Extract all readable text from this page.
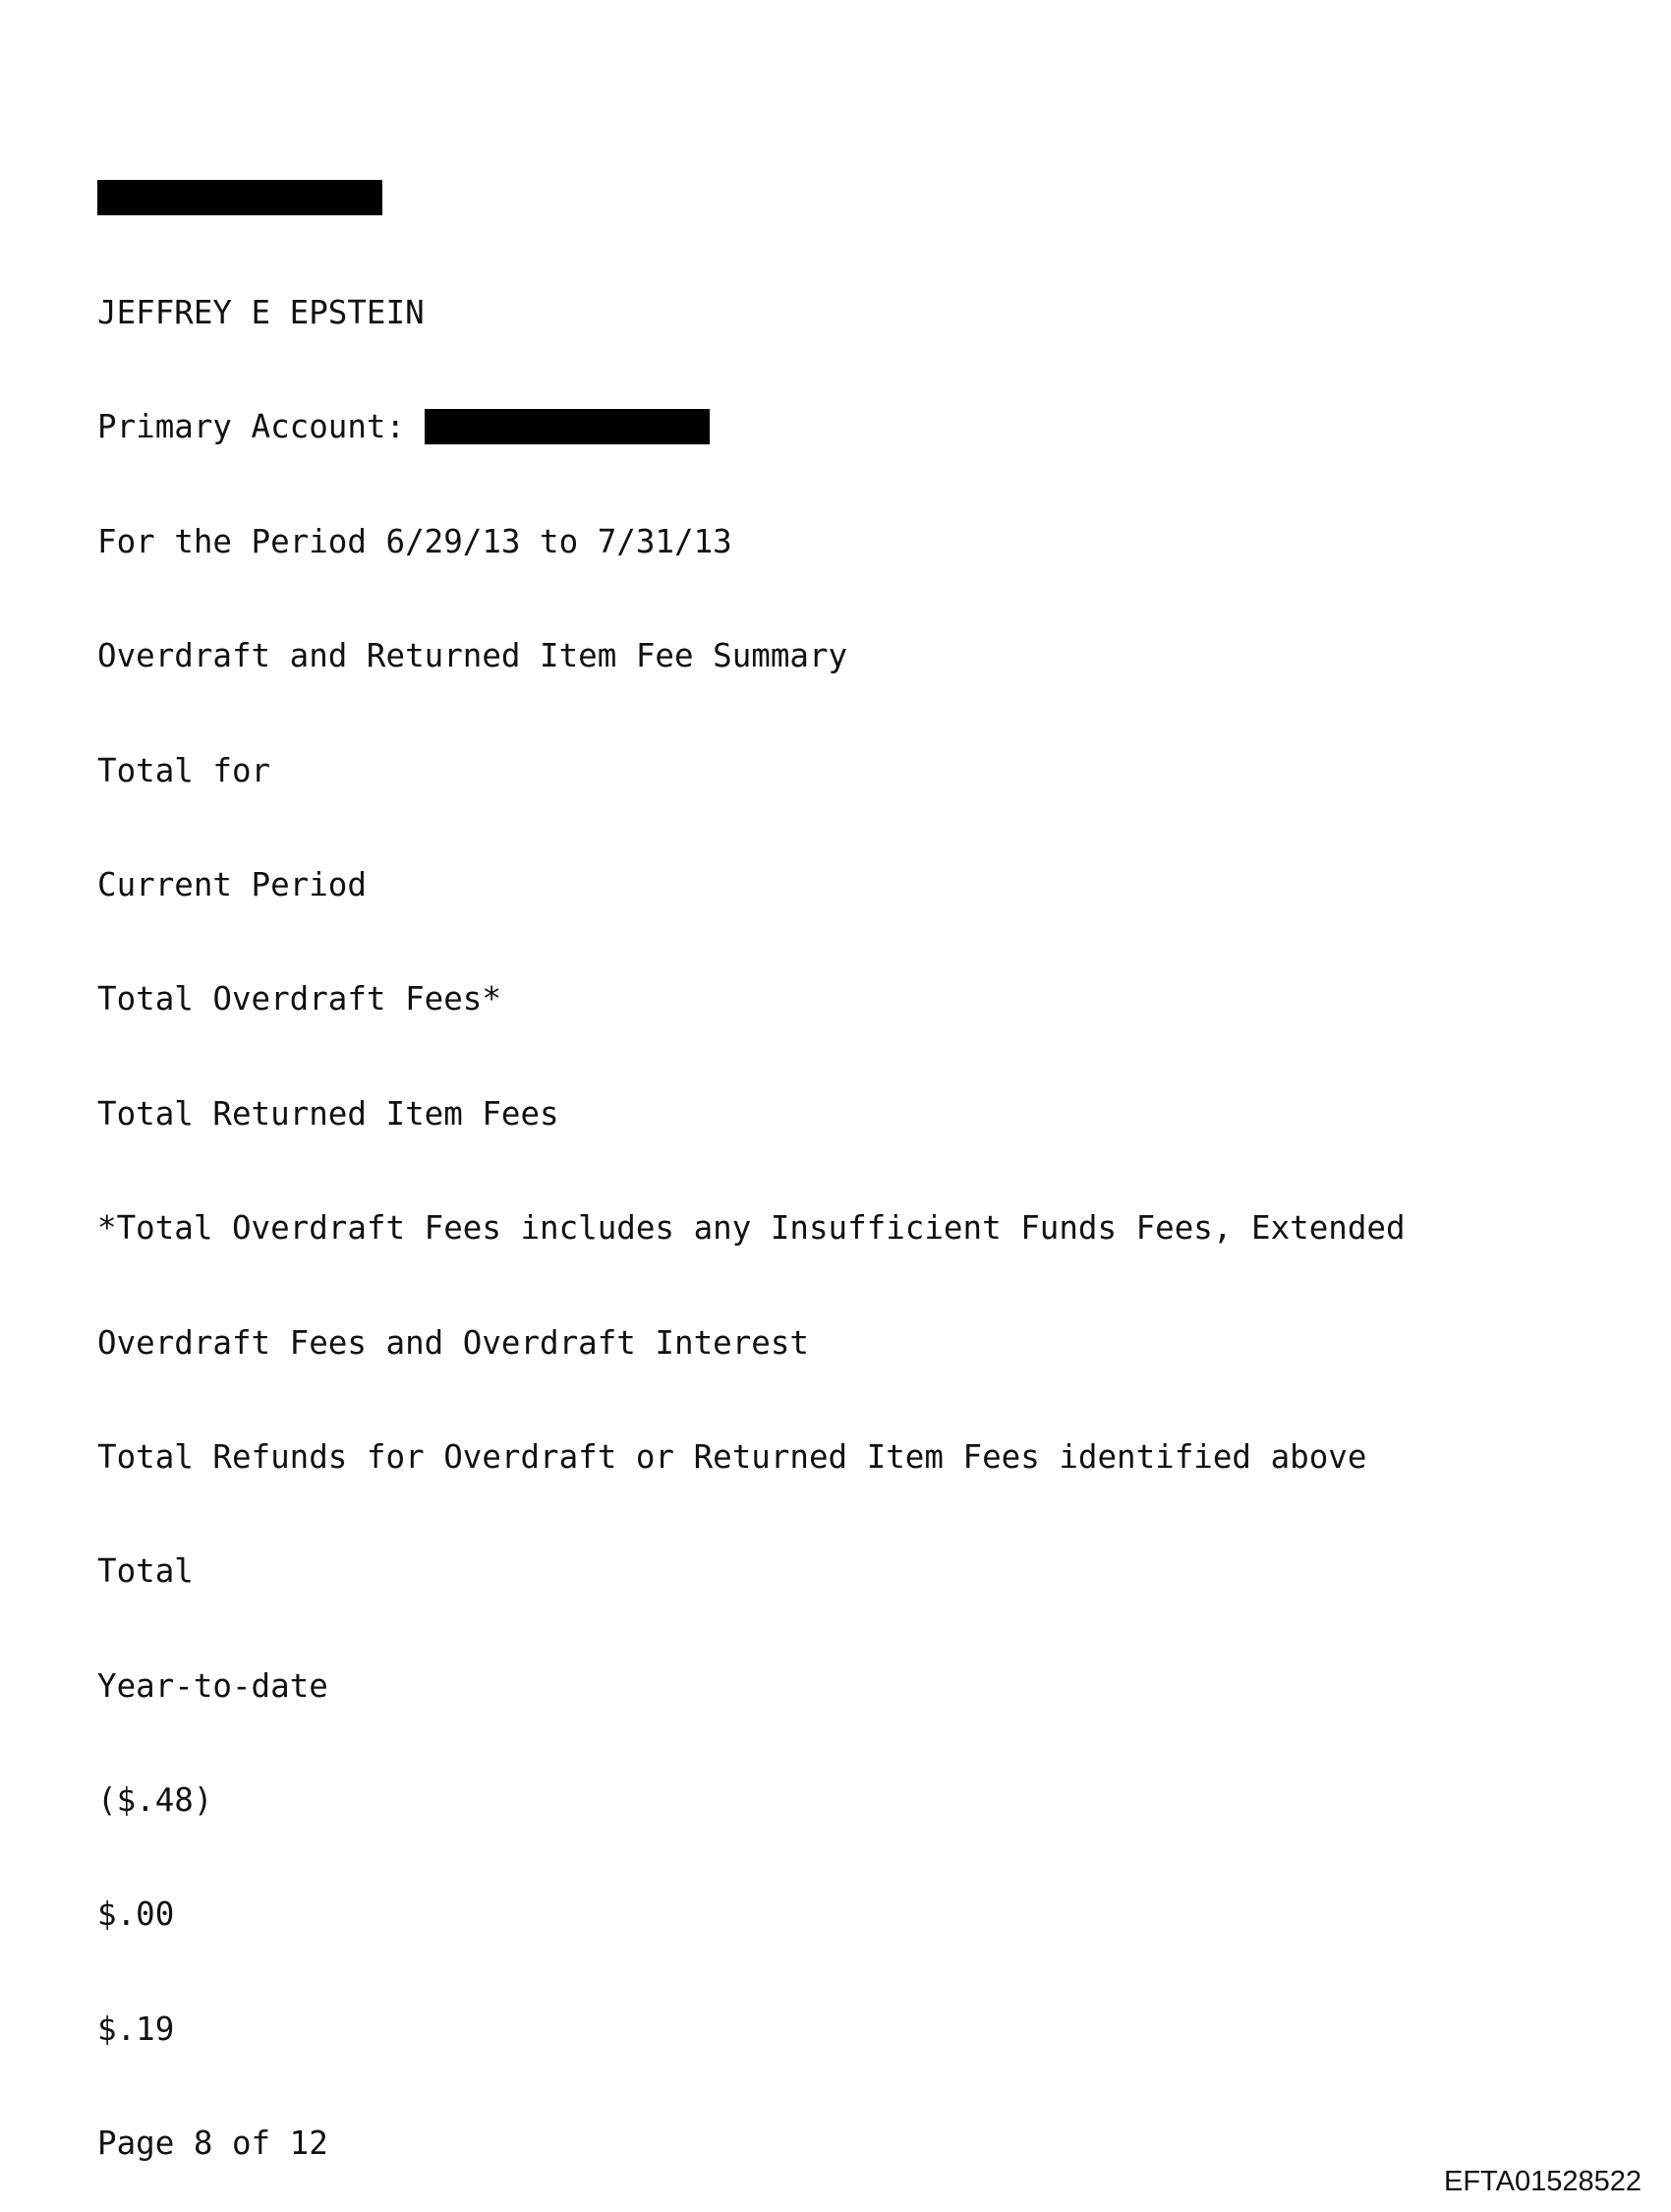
JEFFREY E EPSTEIN

Primary Account:

For the Period 6/29/13 to 7/31/13

Overdraft and Returned Item Fee Summary

Total for

Current Period

Total Overdraft Fees*

Total Returned Item Fees

*Total Overdraft Fees includes any Insufficient Funds Fees, Extended

Overdraft Fees and Overdraft Interest

Total Refunds for Overdraft or Returned Item Fees identified above

Total

Year-to-date

($.48)

$.00

$.19

Page 8 of 12

EFTA01528522
